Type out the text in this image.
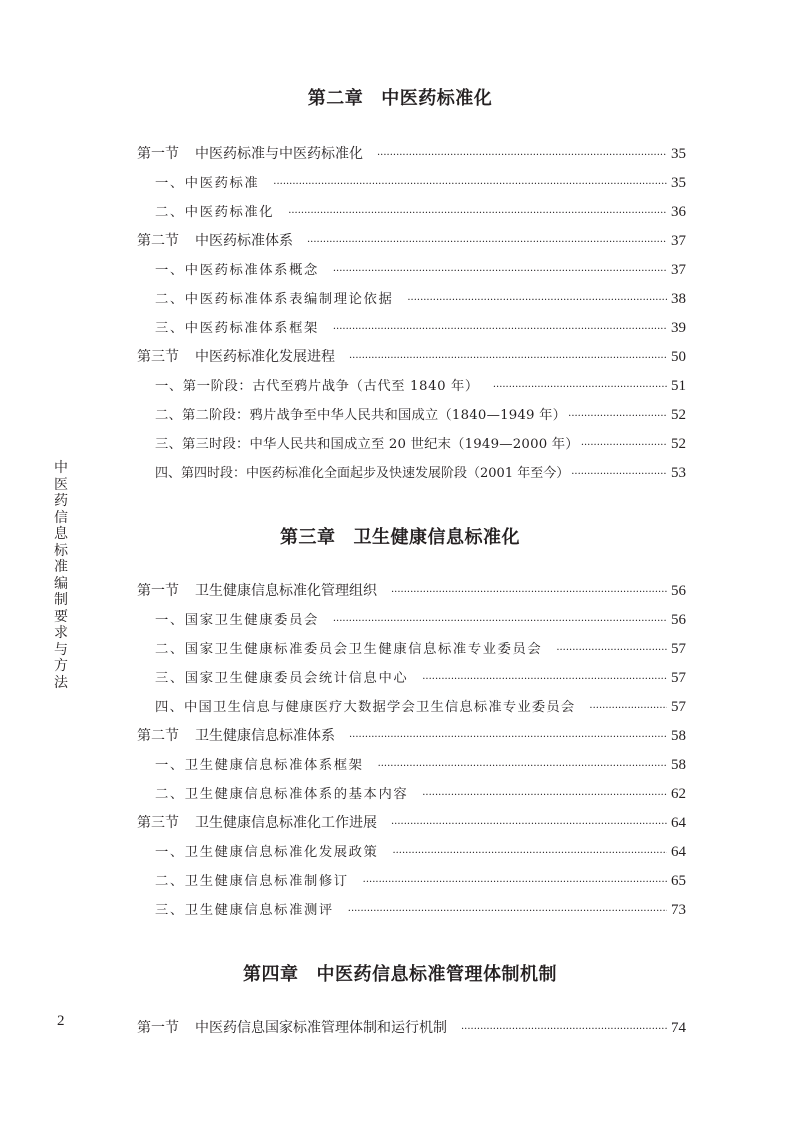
中医药信息标准编制要求与方法
2
第二章 中医药标准化
第一节 中医药标准与中医药标准化 ·····	35
一、中医药标准 ·····	35
二、中医药标准化 ·····	36
第二节 中医药标准体系 ·····	37
一、中医药标准体系概念 ·····	37
二、中医药标准体系表编制理论依据 ·····	38
三、中医药标准体系框架 ·····	39
第三节 中医药标准化发展进程 ·····	50
一、第一阶段：古代至鸦片战争（古代至 1840 年） ·····	51
二、第二阶段：鸦片战争至中华人民共和国成立（1840—1949 年） ·····	52
三、第三时段：中华人民共和国成立至 20 世纪末（1949—2000 年） ·····	52
四、第四时段：中医药标准化全面起步及快速发展阶段（2001 年至今） ·····	53
第三章 卫生健康信息标准化
第一节 卫生健康信息标准化管理组织 ·····	56
一、国家卫生健康委员会 ·····	56
二、国家卫生健康标准委员会卫生健康信息标准专业委员会 ·····	57
三、国家卫生健康委员会统计信息中心 ·····	57
四、中国卫生信息与健康医疗大数据学会卫生信息标准专业委员会 ·····	57
第二节 卫生健康信息标准体系 ·····	58
一、卫生健康信息标准体系框架 ·····	58
二、卫生健康信息标准体系的基本内容 ·····	62
第三节 卫生健康信息标准化工作进展 ·····	64
一、卫生健康信息标准化发展政策 ·····	64
二、卫生健康信息标准制修订 ·····	65
三、卫生健康信息标准测评 ·····	73
第四章 中医药信息标准管理体制机制
第一节 中医药信息国家标准管理体制和运行机制 ·····	74
